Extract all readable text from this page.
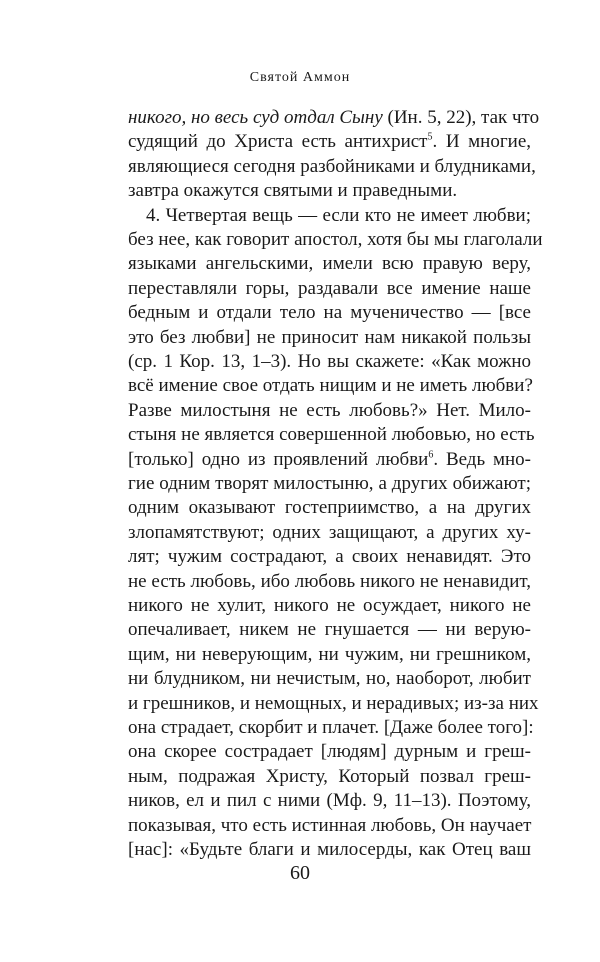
Святой Аммон
никого, но весь суд отдал Сыну (Ин. 5, 22), так что
судящий до Христа есть антихрист$^5$. И многие,
являющиеся сегодня разбойниками и блудниками,
завтра окажутся святыми и праведными.
4. Четвертая вещь — если кто не имеет любви;
без нее, как говорит апостол, хотя бы мы глаголали
языками ангельскими, имели всю правую веру,
переставляли горы, раздавали все имение наше
бедным и отдали тело на мученичество — [все
это без любви] не приносит нам никакой пользы
(ср. 1 Кор. 13, 1–3). Но вы скажете: «Как можно
всё имение свое отдать нищим и не иметь любви?
Разве милостыня не есть любовь?» Нет. Мило-
стыня не является совершенной любовью, но есть
[только] одно из проявлений любви$^6$. Ведь мно-
гие одним творят милостыню, а других обижают;
одним оказывают гостеприимство, а на других
злопамятствуют; одних защищают, а других ху-
лят; чужим сострадают, а своих ненавидят. Это
не есть любовь, ибо любовь никого не ненавидит,
никого не хулит, никого не осуждает, никого не
опечаливает, никем не гнушается — ни верую-
щим, ни неверующим, ни чужим, ни грешником,
ни блудником, ни нечистым, но, наоборот, любит
и грешников, и немощных, и нерадивых; из-за них
она страдает, скорбит и плачет. [Даже более того]:
она скорее сострадает [людям] дурным и греш-
ным, подражая Христу, Который позвал греш-
ников, ел и пил с ними (Мф. 9, 11–13). Поэтому,
показывая, что есть истинная любовь, Он научает
[нас]: «Будьте благи и милосерды, как Отец ваш
60
